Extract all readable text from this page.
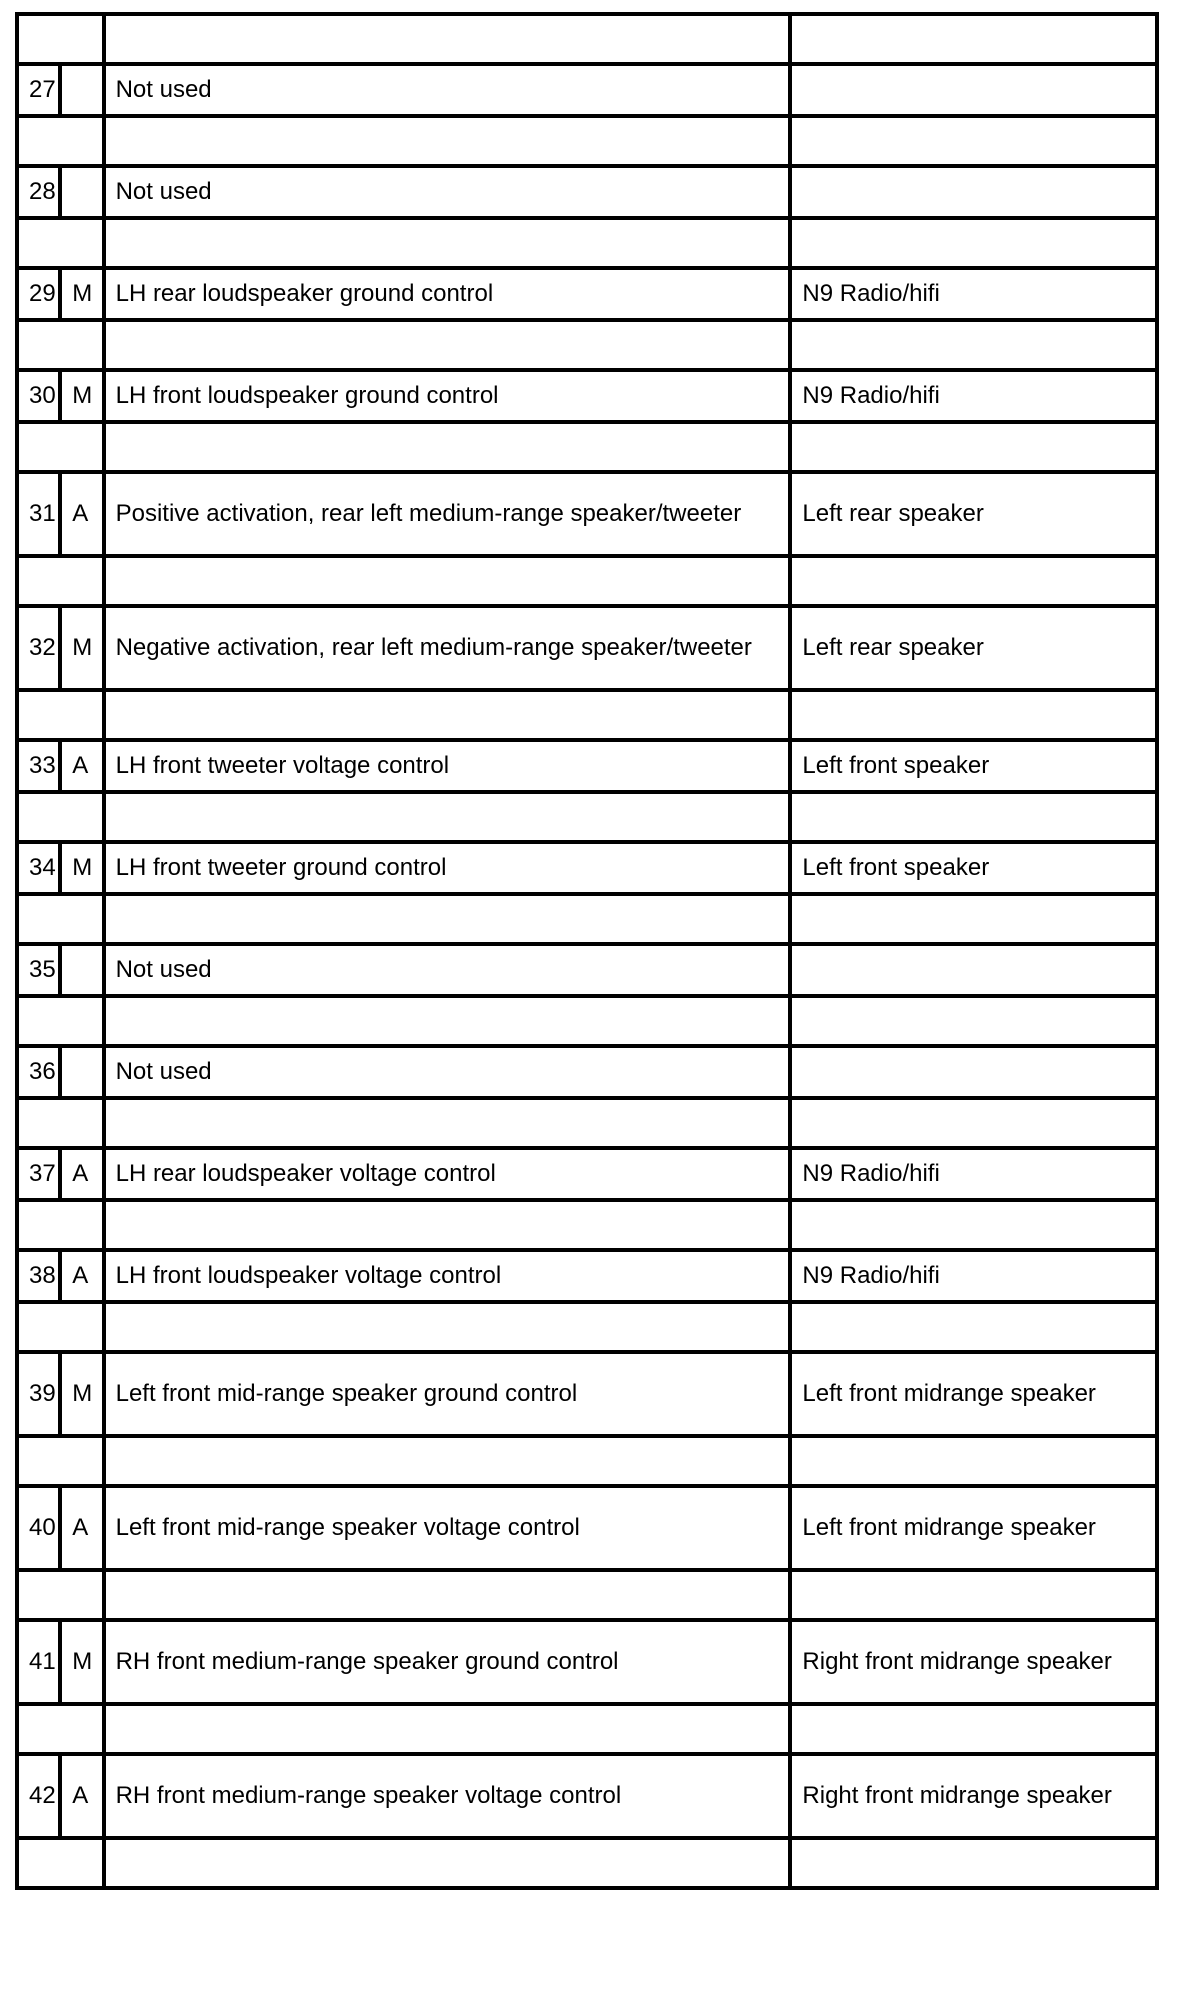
27		Not used	

28		Not used	

29	M	LH rear loudspeaker ground control	N9 Radio/hifi

30	M	LH front loudspeaker ground control	N9 Radio/hifi

31	A	Positive activation, rear left medium-range speaker/tweeter	Left rear speaker

32	M	Negative activation, rear left medium-range speaker/tweeter	Left rear speaker

33	A	LH front tweeter voltage control	Left front speaker

34	M	LH front tweeter ground control	Left front speaker

35		Not used	

36		Not used	

37	A	LH rear loudspeaker voltage control	N9 Radio/hifi

38	A	LH front loudspeaker voltage control	N9 Radio/hifi

39	M	Left front mid-range speaker ground control	Left front midrange speaker

40	A	Left front mid-range speaker voltage control	Left front midrange speaker

41	M	RH front medium-range speaker ground control	Right front midrange speaker

42	A	RH front medium-range speaker voltage control	Right front midrange speaker
